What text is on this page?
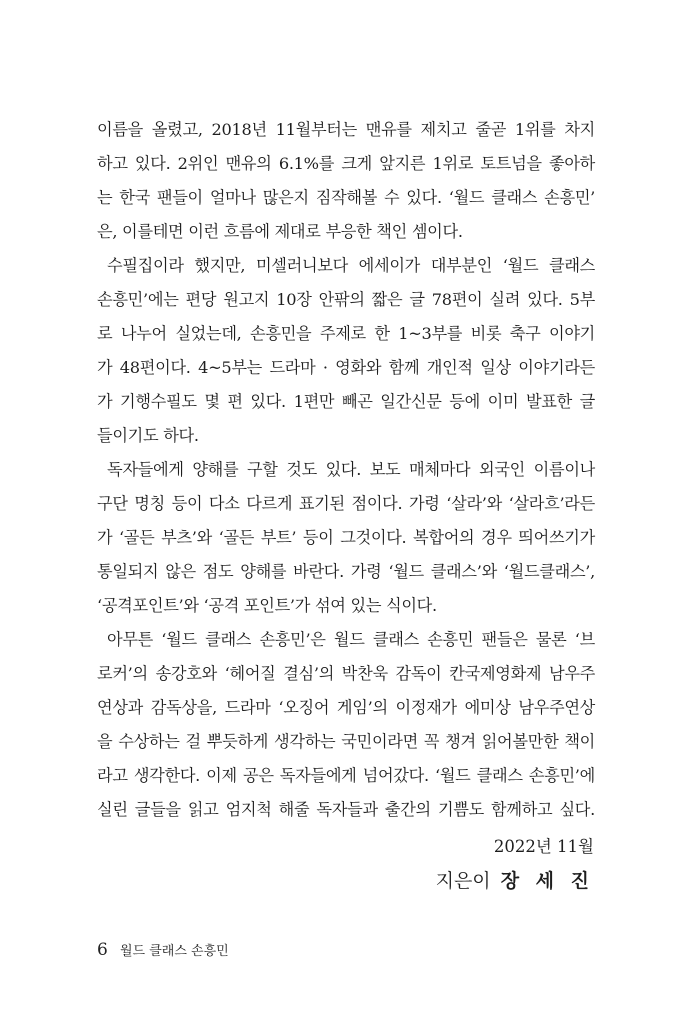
이름을 올렸고, 2018년 11월부터는 맨유를 제치고 줄곧 1위를 차지
하고 있다. 2위인 맨유의 6.1%를 크게 앞지른 1위로 토트넘을 좋아하
는 한국 팬들이 얼마나 많은지 짐작해볼 수 있다. ‘월드 클래스 손흥민’
은, 이를테면 이런 흐름에 제대로 부응한 책인 셈이다.
수필집이라 했지만, 미셀러니보다 에세이가 대부분인 ‘월드 클래스
손흥민’에는 편당 원고지 10장 안팎의 짧은 글 78편이 실려 있다. 5부
로 나누어 실었는데, 손흥민을 주제로 한 1~3부를 비롯 축구 이야기
가 48편이다. 4~5부는 드라마 · 영화와 함께 개인적 일상 이야기라든
가 기행수필도 몇 편 있다. 1편만 빼곤 일간신문 등에 이미 발표한 글
들이기도 하다.
독자들에게 양해를 구할 것도 있다. 보도 매체마다 외국인 이름이나
구단 명칭 등이 다소 다르게 표기된 점이다. 가령 ‘살라’와 ‘살라흐’라든
가 ‘골든 부츠’와 ‘골든 부트’ 등이 그것이다. 복합어의 경우 띄어쓰기가
통일되지 않은 점도 양해를 바란다. 가령 ‘월드 클래스’와 ‘월드클래스’,
‘공격포인트’와 ‘공격 포인트’가 섞여 있는 식이다.
아무튼 ‘월드 클래스 손흥민’은 월드 클래스 손흥민 팬들은 물론 ‘브
로커’의 송강호와 ‘헤어질 결심’의 박찬욱 감독이 칸국제영화제 남우주
연상과 감독상을, 드라마 ‘오징어 게임’의 이정재가 에미상 남우주연상
을 수상하는 걸 뿌듯하게 생각하는 국민이라면 꼭 챙겨 읽어볼만한 책이
라고 생각한다. 이제 공은 독자들에게 넘어갔다. ‘월드 클래스 손흥민’에
실린 글들을 읽고 엄지척 해줄 독자들과 출간의 기쁨도 함께하고 싶다.
2022년 11월
지은이 장 세 진
6 월드 클래스 손흥민
